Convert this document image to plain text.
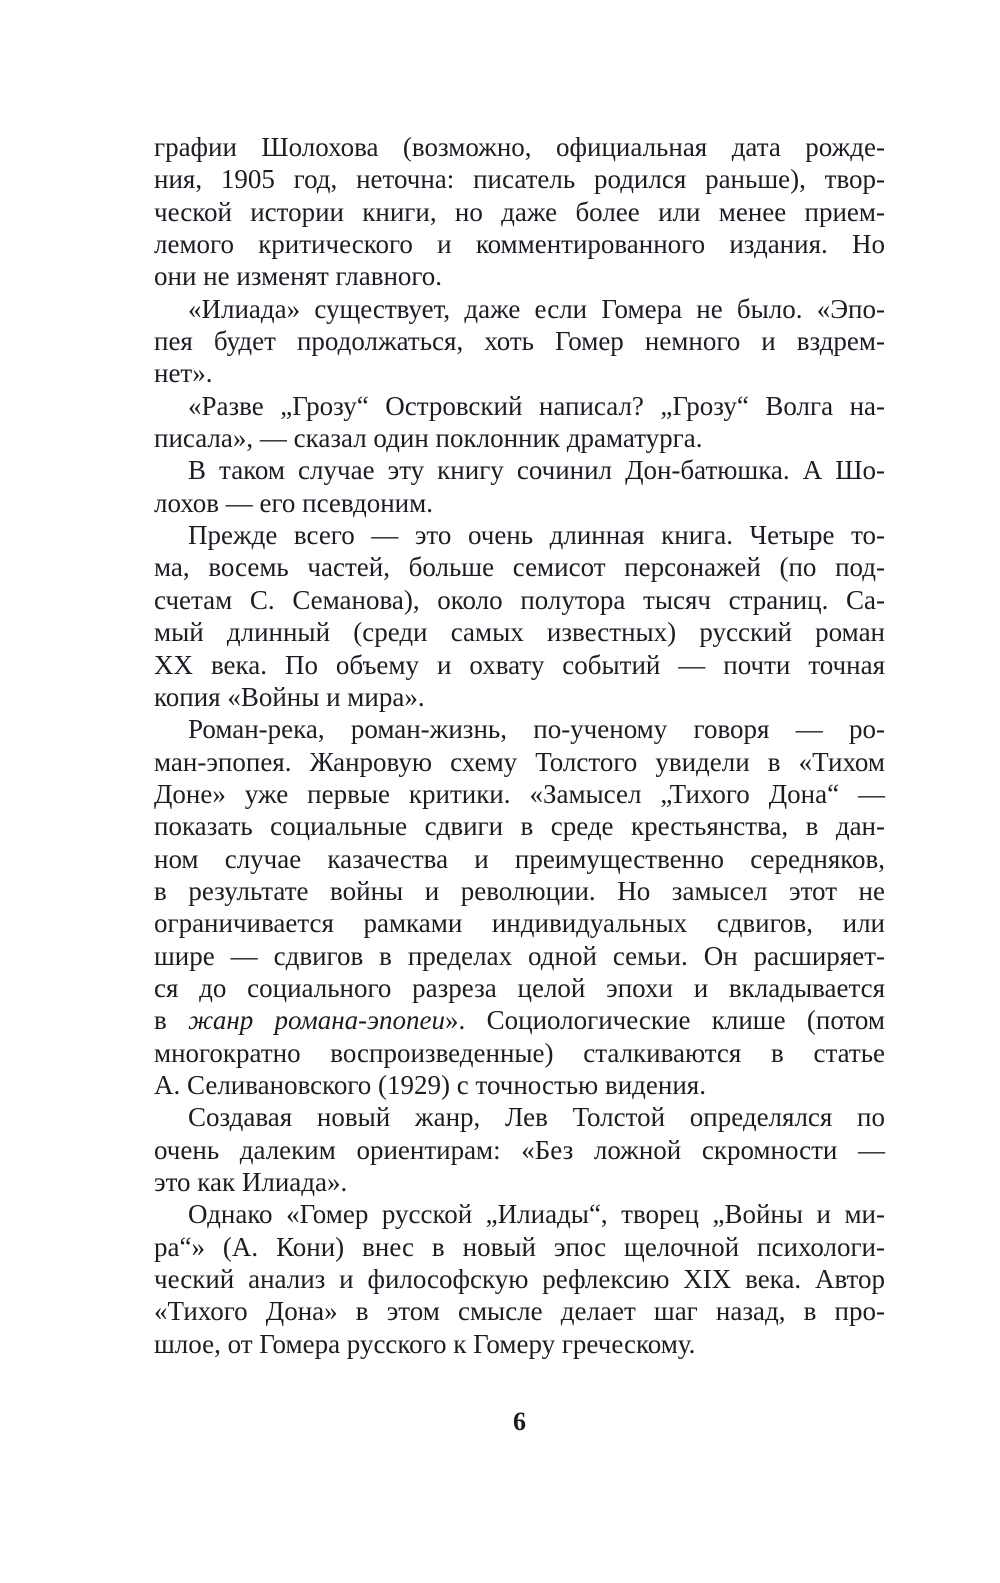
графии Шолохова (возможно, официальная дата рожде-
ния, 1905 год, неточна: писатель родился раньше), твор-
ческой истории книги, но даже более или менее прием-
лемого критического и комментированного издания. Но
они не изменят главного.
«Илиада» существует, даже если Гомера не было. «Эпо-
пея будет продолжаться, хоть Гомер немного и вздрем-
нет».
«Разве „Грозу“ Островский написал? „Грозу“ Волга на-
писала», — сказал один поклонник драматурга.
В таком случае эту книгу сочинил Дон-батюшка. А Шо-
лохов — его псевдоним.
Прежде всего — это очень длинная книга. Четыре то-
ма, восемь частей, больше семисот персонажей (по под-
счетам С. Семанова), около полутора тысяч страниц. Са-
мый длинный (среди самых известных) русский роман
XX века. По объему и охвату событий — почти точная
копия «Войны и мира».
Роман-река, роман-жизнь, по-ученому говоря — ро-
ман-эпопея. Жанровую схему Толстого увидели в «Тихом
Доне» уже первые критики. «Замысел „Тихого Дона“ —
показать социальные сдвиги в среде крестьянства, в дан-
ном случае казачества и преимущественно середняков,
в результате войны и революции. Но замысел этот не
ограничивается рамками индивидуальных сдвигов, или
шире — сдвигов в пределах одной семьи. Он расширяет-
ся до социального разреза целой эпохи и вкладывается
в жанр романа-эпопеи». Социологические клише (потом
многократно воспроизведенные) сталкиваются в статье
А. Селивановского (1929) с точностью видения.
Создавая новый жанр, Лев Толстой определялся по
очень далеким ориентирам: «Без ложной скромности —
это как Илиада».
Однако «Гомер русской „Илиады“, творец „Войны и ми-
ра“» (А. Кони) внес в новый эпос щелочной психологи-
ческий анализ и философскую рефлексию XIX века. Автор
«Тихого Дона» в этом смысле делает шаг назад, в про-
шлое, от Гомера русского к Гомеру греческому.
6
